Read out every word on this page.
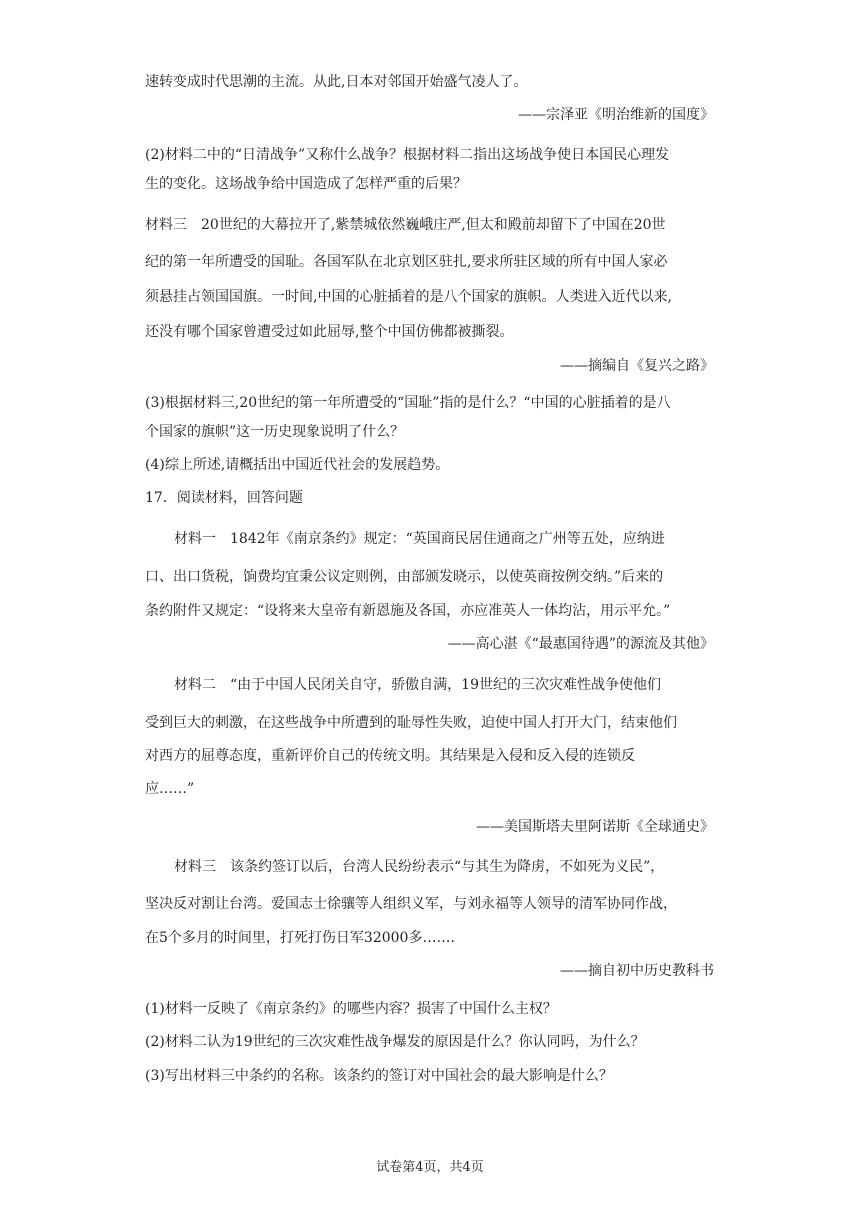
速转变成时代思潮的主流。从此,日本对邻国开始盛气凌人了。

——宗泽亚《明治维新的国度》

(2)材料二中的“日清战争”又称什么战争？根据材料二指出这场战争使日本国民心理发

生的变化。这场战争给中国造成了怎样严重的后果？

材料三　20世纪的大幕拉开了,紫禁城依然巍峨庄严,但太和殿前却留下了中国在20世

纪的第一年所遭受的国耻。各国军队在北京划区驻扎,要求所驻区域的所有中国人家必

须悬挂占领国国旗。一时间,中国的心脏插着的是八个国家的旗帜。人类进入近代以来,

还没有哪个国家曾遭受过如此屈辱,整个中国仿佛都被撕裂。

——摘编自《复兴之路》

(3)根据材料三,20世纪的第一年所遭受的“国耻”指的是什么？“中国的心脏插着的是八

个国家的旗帜”这一历史现象说明了什么？

(4)综上所述,请概括出中国近代社会的发展趋势。

17．阅读材料，回答问题

材料一　1842年《南京条约》规定：“英国商民居住通商之广州等五处，应纳进

口、出口货税，饷费均宜秉公议定则例，由部颁发晓示，以使英商按例交纳。”后来的

条约附件又规定：“设将来大皇帝有新恩施及各国，亦应准英人一体均沾，用示平允。”

——高心湛《“最惠国待遇”的源流及其他》

材料二　“由于中国人民闭关自守，骄傲自满，19世纪的三次灾难性战争使他们

受到巨大的刺激，在这些战争中所遭到的耻辱性失败，迫使中国人打开大门，结束他们

对西方的屈尊态度，重新评价自己的传统文明。其结果是入侵和反入侵的连锁反

应……”

——美国斯塔夫里阿诺斯《全球通史》

材料三　该条约签订以后，台湾人民纷纷表示“与其生为降虏，不如死为义民”，

坚决反对割让台湾。爱国志士徐骧等人组织义军，与刘永福等人领导的清军协同作战，

在5个多月的时间里，打死打伤日军32000多…….

——摘自初中历史教科书

(1)材料一反映了《南京条约》的哪些内容？损害了中国什么主权？

(2)材料二认为19世纪的三次灾难性战争爆发的原因是什么？你认同吗，为什么？

(3)写出材料三中条约的名称。该条约的签订对中国社会的最大影响是什么？

试卷第4页，共4页
